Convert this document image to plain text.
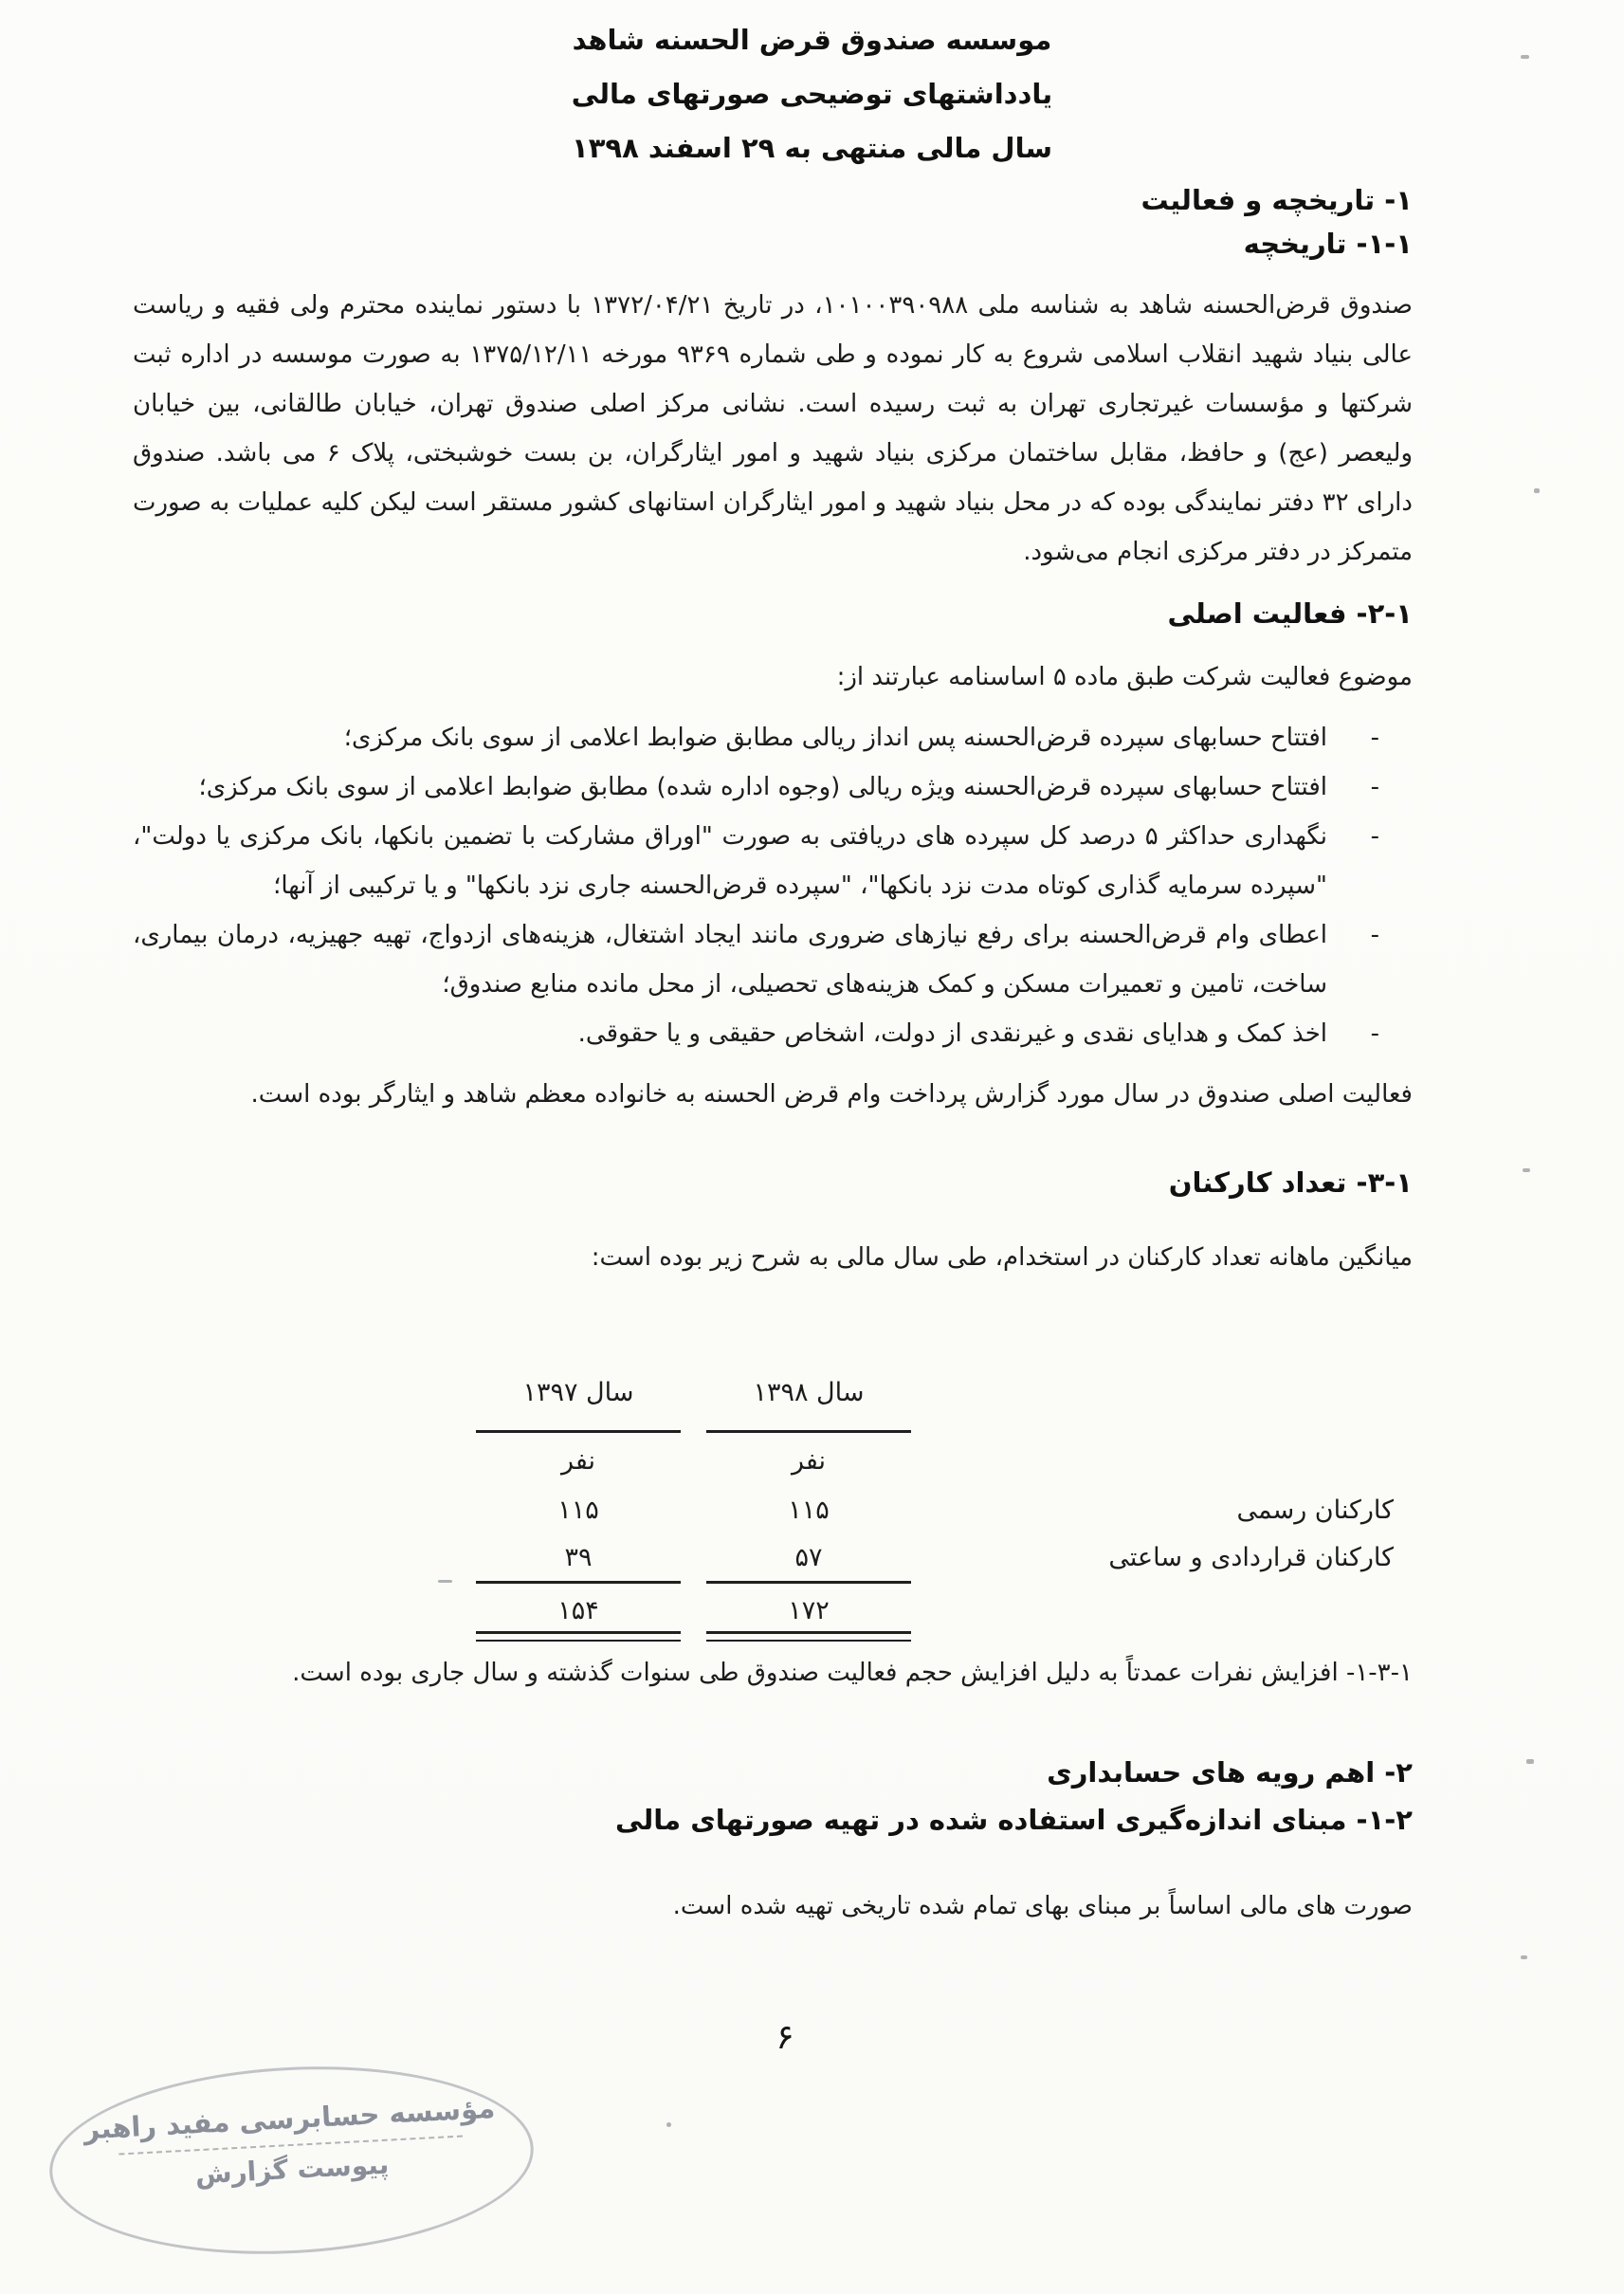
موسسه صندوق قرض الحسنه شاهد
یادداشتهای توضیحی صورتهای مالی
سال مالی منتهی به ۲۹ اسفند ۱۳۹۸
۱- تاریخچه و فعالیت
۱-۱- تاریخچه
صندوق قرض‌الحسنه شاهد به شناسه ملی ۱۰۱۰۰۳۹۰۹۸۸، در تاریخ ۱۳۷۲/۰۴/۲۱ با دستور نماینده محترم ولی فقیه و ریاست عالی بنیاد شهید انقلاب اسلامی شروع به کار نموده و طی شماره ۹۳۶۹ مورخه ۱۳۷۵/۱۲/۱۱ به صورت موسسه در اداره ثبت شرکتها و مؤسسات غیرتجاری تهران به ثبت رسیده است. نشانی مرکز اصلی صندوق تهران، خیابان طالقانی، بین خیابان ولیعصر (عج) و حافظ، مقابل ساختمان مرکزی بنیاد شهید و امور ایثارگران، بن بست خوشبختی، پلاک ۶ می باشد. صندوق دارای ۳۲ دفتر نمایندگی بوده که در محل بنیاد شهید و امور ایثارگران استانهای کشور مستقر است لیکن کلیه عملیات به صورت متمرکز در دفتر مرکزی انجام می‌شود.
۲-۱- فعالیت اصلی
موضوع فعالیت شرکت طبق ماده ۵ اساسنامه عبارتند از:
-
افتتاح حسابهای سپرده قرض‌الحسنه پس انداز ریالی مطابق ضوابط اعلامی از سوی بانک مرکزی؛
-
افتتاح حسابهای سپرده قرض‌الحسنه ویژه ریالی (وجوه اداره شده) مطابق ضوابط اعلامی از سوی بانک مرکزی؛
-
نگهداری حداکثر ۵ درصد کل سپرده های دریافتی به صورت "اوراق مشارکت با تضمین بانکها، بانک مرکزی یا دولت"، "سپرده سرمایه گذاری کوتاه مدت نزد بانکها"، "سپرده قرض‌الحسنه جاری نزد بانکها" و یا ترکیبی از آنها؛
-
اعطای وام قرض‌الحسنه برای رفع نیازهای ضروری مانند ایجاد اشتغال، هزینه‌های ازدواج، تهیه جهیزیه، درمان بیماری، ساخت، تامین و تعمیرات مسکن و کمک هزینه‌های تحصیلی، از محل مانده منابع صندوق؛
-
اخذ کمک و هدایای نقدی و غیرنقدی از دولت، اشخاص حقیقی و یا حقوقی.
فعالیت اصلی صندوق در سال مورد گزارش پرداخت وام قرض الحسنه به خانواده معظم شاهد و ایثارگر بوده است.
۳-۱- تعداد کارکنان
میانگین ماهانه تعداد کارکنان در استخدام، طی سال مالی به شرح زیر بوده است:
سال ۱۳۹۸
سال ۱۳۹۷
نفر
نفر
کارکنان رسمی
۱۱۵
۱۱۵
کارکنان قراردادی و ساعتی
۵۷
۳۹
۱۷۲
۱۵۴
۱-۳-۱- افزایش نفرات عمدتاً به دلیل افزایش حجم فعالیت صندوق طی سنوات گذشته و سال جاری بوده است.
۲- اهم رویه های حسابداری
۱-۲- مبنای اندازه‌گیری استفاده شده در تهیه صورتهای مالی
صورت های مالی اساساً بر مبنای بهای تمام شده تاریخی تهیه شده است.
۶
مؤسسه حسابرسی مفید راهبر
پیوست گزارش
